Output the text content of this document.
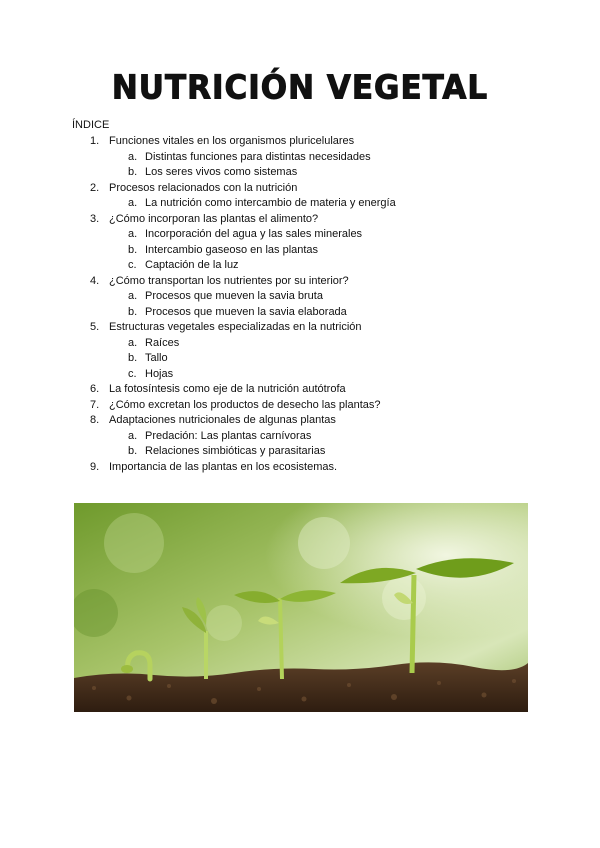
NUTRICIÓN VEGETAL
ÍNDICE
1. Funciones vitales en los organismos pluricelulares
a. Distintas funciones para distintas necesidades
b. Los seres vivos como sistemas
2. Procesos relacionados con la nutrición
a. La nutrición como intercambio de materia y energía
3. ¿Cómo incorporan las plantas el alimento?
a. Incorporación del agua y las sales minerales
b. Intercambio gaseoso en las plantas
c. Captación de la luz
4. ¿Cómo transportan los nutrientes por su interior?
a. Procesos que mueven la savia bruta
b. Procesos que mueven la savia elaborada
5. Estructuras vegetales especializadas en la nutrición
a. Raíces
b. Tallo
c. Hojas
6. La fotosíntesis como eje de la nutrición autótrofa
7. ¿Cómo excretan los productos de desecho las plantas?
8. Adaptaciones nutricionales de algunas plantas
a. Predación: Las plantas carnívoras
b. Relaciones simbióticas y parasitarias
9. Importancia de las plantas en los ecosistemas.
